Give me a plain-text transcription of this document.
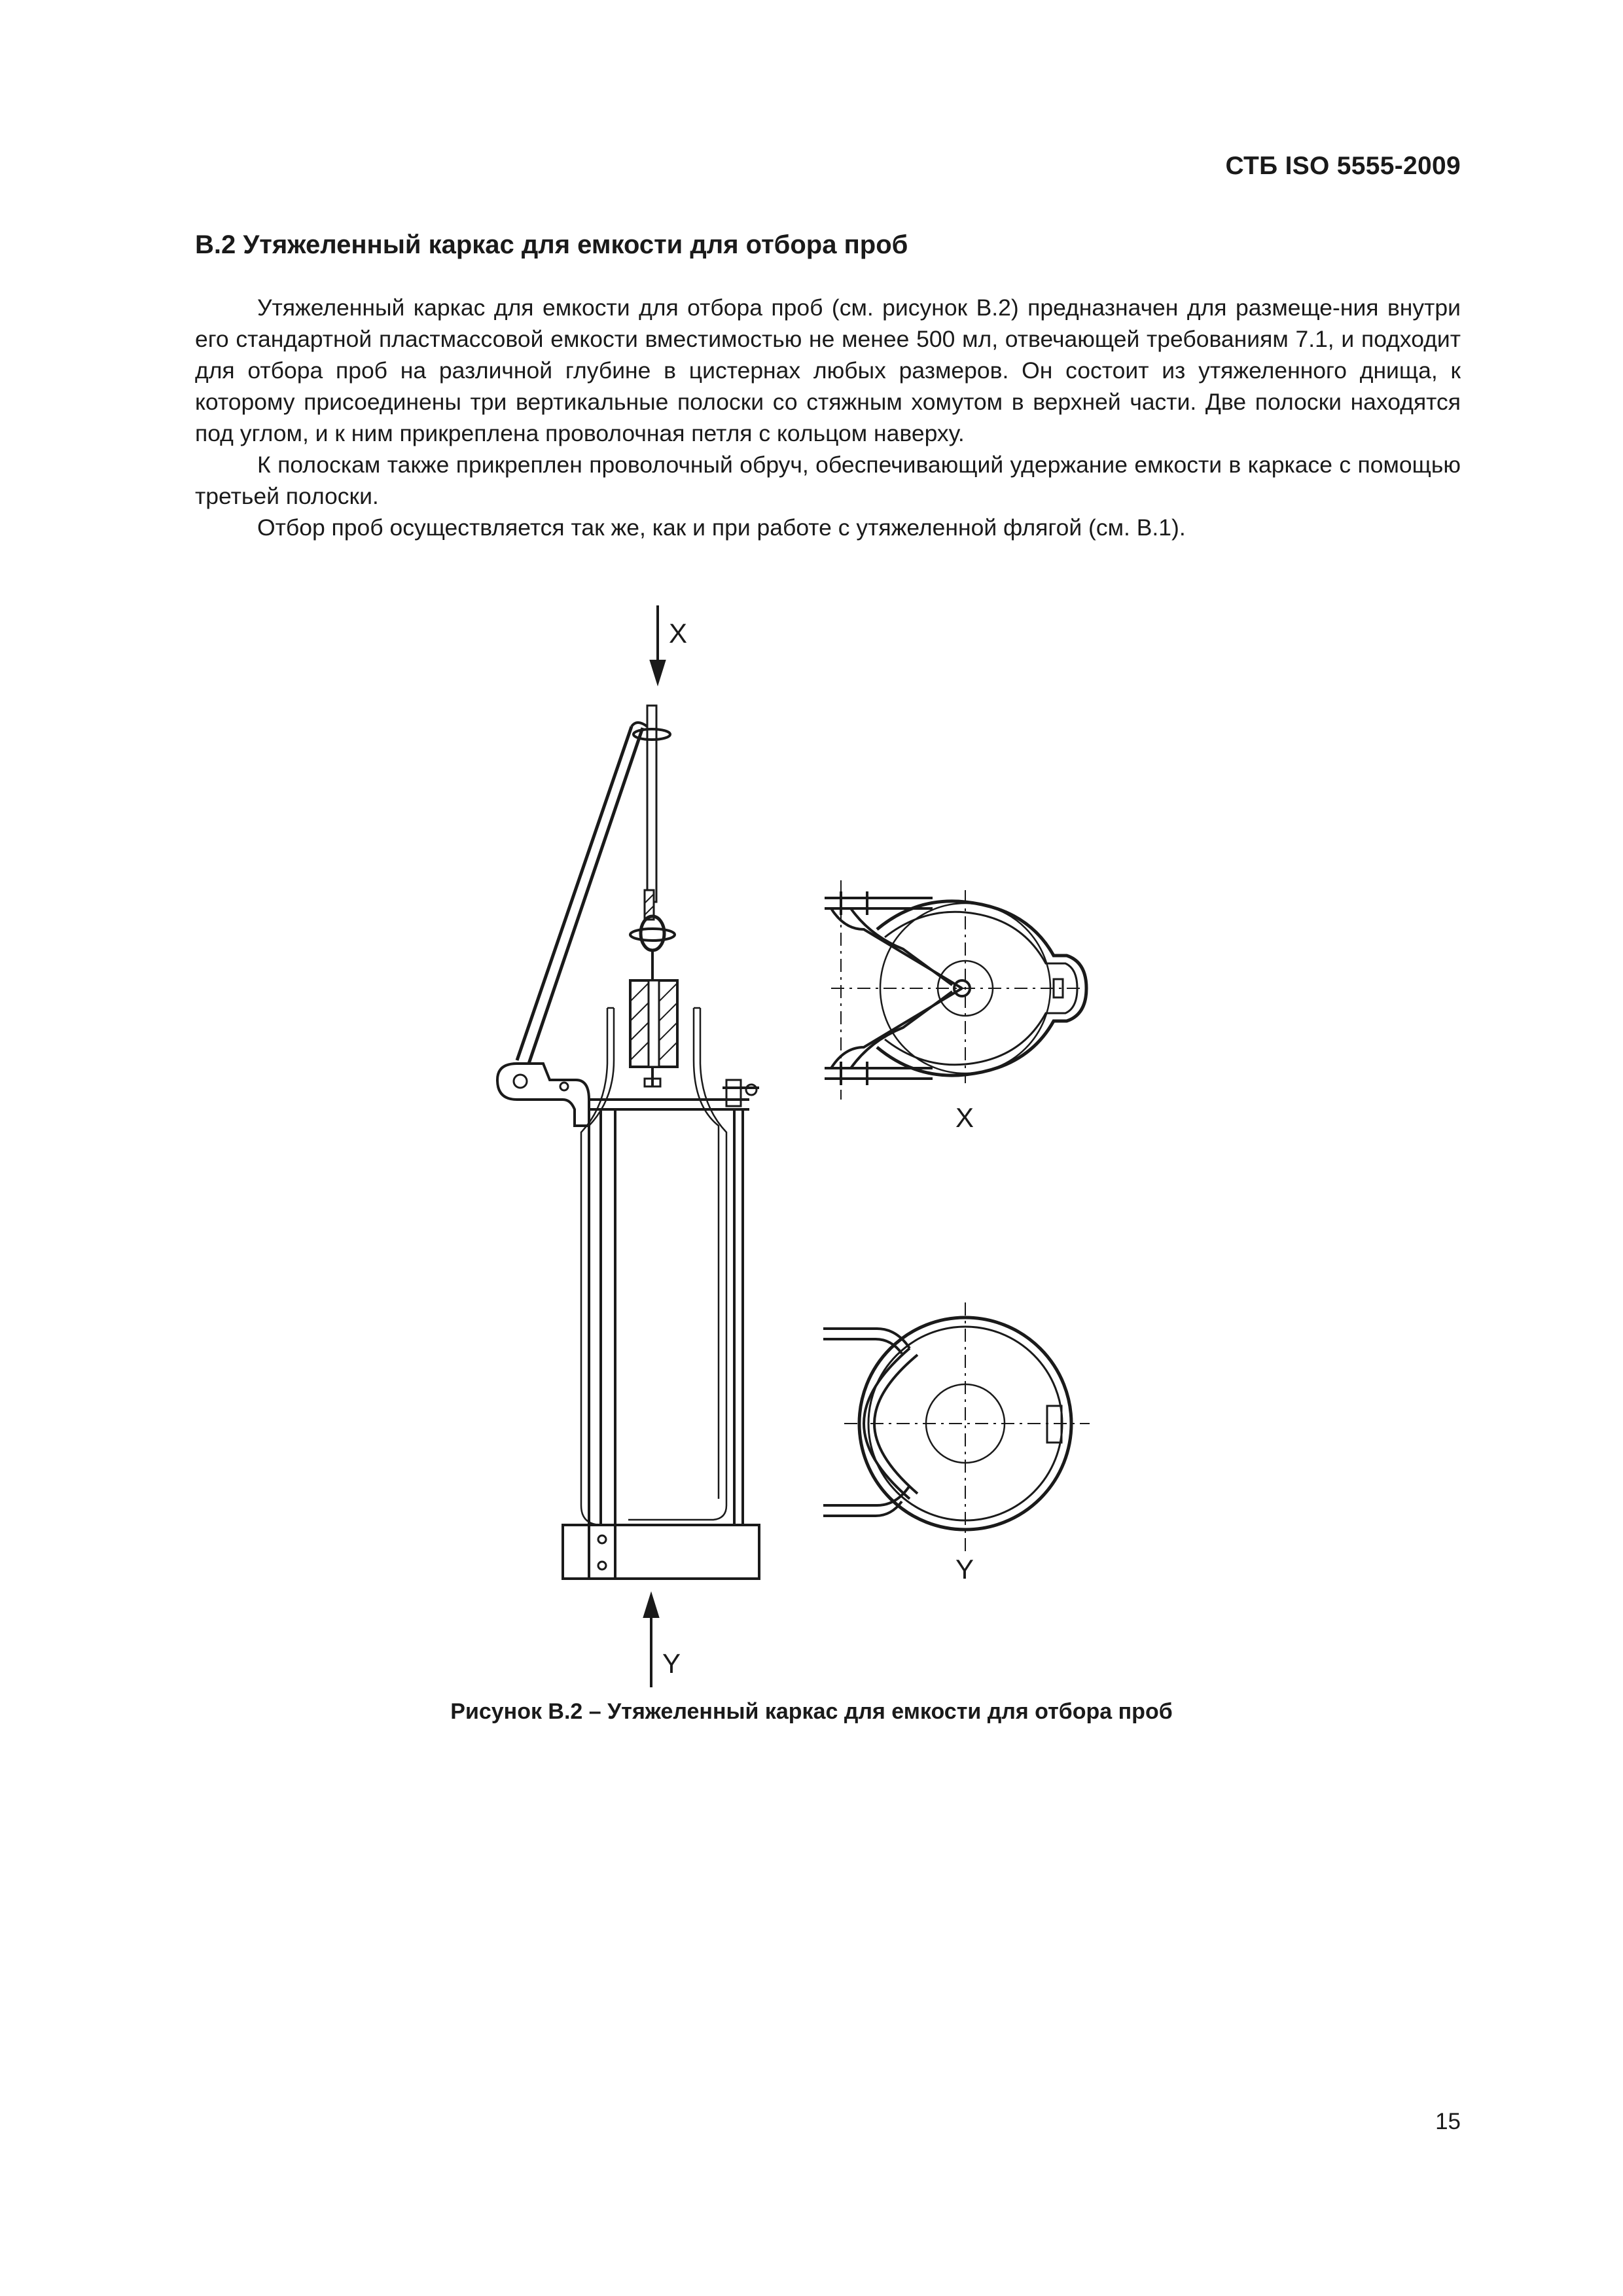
СТБ ISO 5555-2009
B.2 Утяжеленный каркас для емкости для отбора проб

Утяжеленный каркас для емкости для отбора проб (см. рисунок B.2) предназначен для размеще-ния внутри его стандартной пластмассовой емкости вместимостью не менее 500 мл, отвечающей требованиям 7.1, и подходит для отбора проб на различной глубине в цистернах любых размеров. Он состоит из утяжеленного днища, к которому присоединены три вертикальные полоски со стяжным хомутом в верхней части. Две полоски находятся под углом, и к ним прикреплена проволочная петля с кольцом наверху.

К полоскам также прикреплен проволочный обруч, обеспечивающий удержание емкости в каркасе с помощью третьей полоски.

Отбор проб осуществляется так же, как и при работе с утяжеленной флягой (см. B.1).

X
Y
X
Y
Рисунок B.2 – Утяжеленный каркас для емкости для отбора проб
15
